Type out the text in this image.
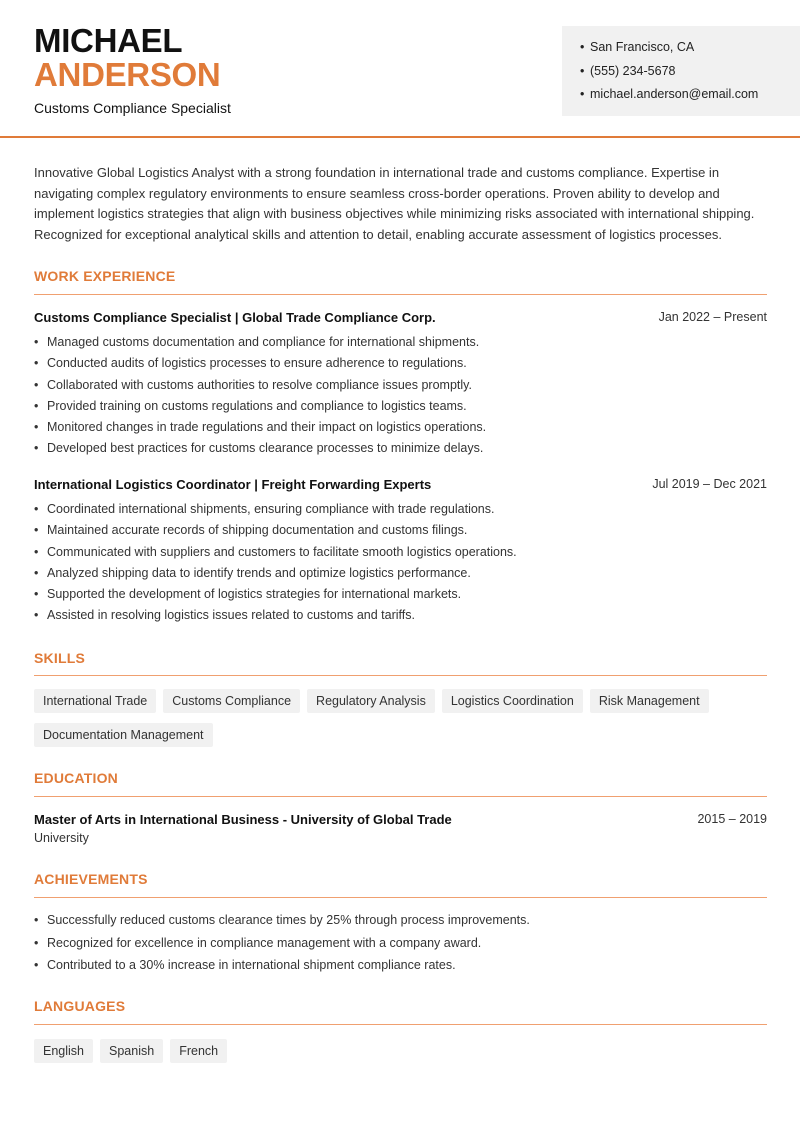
MICHAEL
ANDERSON
Customs Compliance Specialist
• San Francisco, CA
• (555) 234-5678
• michael.anderson@email.com

Innovative Global Logistics Analyst with a strong foundation in international trade and customs compliance. Expertise in navigating complex regulatory environments to ensure seamless cross-border operations. Proven ability to develop and implement logistics strategies that align with business objectives while minimizing risks associated with international shipping. Recognized for exceptional analytical skills and attention to detail, enabling accurate assessment of logistics processes.

WORK EXPERIENCE
Customs Compliance Specialist | Global Trade Compliance Corp.	Jan 2022 – Present
• Managed customs documentation and compliance for international shipments.
• Conducted audits of logistics processes to ensure adherence to regulations.
• Collaborated with customs authorities to resolve compliance issues promptly.
• Provided training on customs regulations and compliance to logistics teams.
• Monitored changes in trade regulations and their impact on logistics operations.
• Developed best practices for customs clearance processes to minimize delays.
International Logistics Coordinator | Freight Forwarding Experts	Jul 2019 – Dec 2021
• Coordinated international shipments, ensuring compliance with trade regulations.
• Maintained accurate records of shipping documentation and customs filings.
• Communicated with suppliers and customers to facilitate smooth logistics operations.
• Analyzed shipping data to identify trends and optimize logistics performance.
• Supported the development of logistics strategies for international markets.
• Assisted in resolving logistics issues related to customs and tariffs.
SKILLS
International Trade	Customs Compliance	Regulatory Analysis	Logistics Coordination	Risk Management
Documentation Management
EDUCATION
Master of Arts in International Business - University of Global Trade	2015 – 2019
University
ACHIEVEMENTS
• Successfully reduced customs clearance times by 25% through process improvements.
• Recognized for excellence in compliance management with a company award.
• Contributed to a 30% increase in international shipment compliance rates.
LANGUAGES
English	Spanish	French
